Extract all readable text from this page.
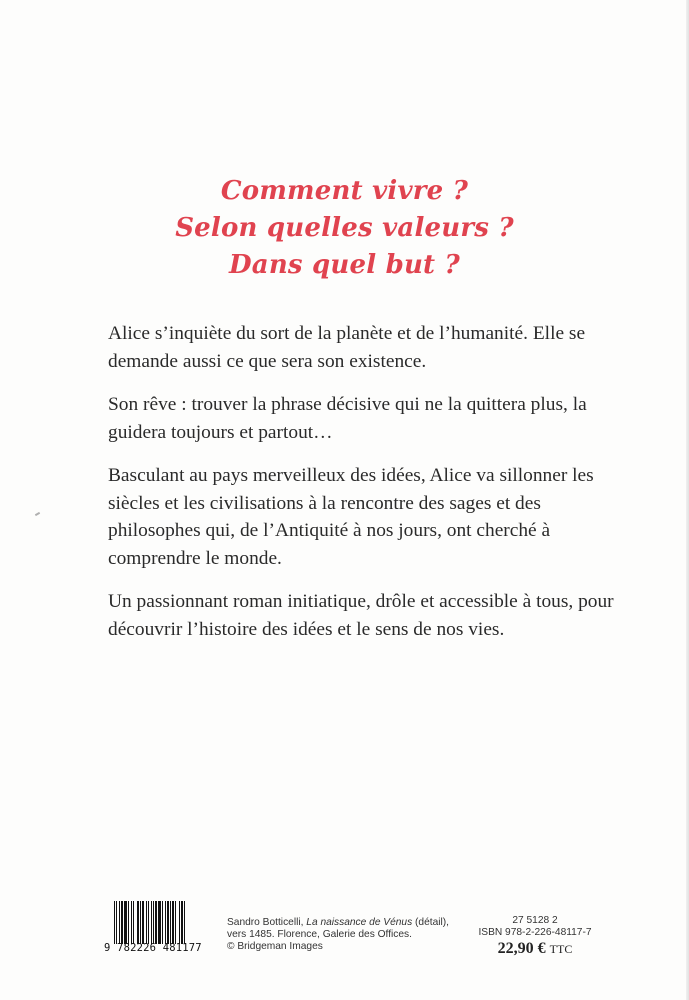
Comment vivre ?
Selon quelles valeurs ?
Dans quel but ?

Alice s’inquiète du sort de la planète et de l’humanité. Elle se demande aussi ce que sera son existence.

Son rêve : trouver la phrase décisive qui ne la quittera plus, la guidera toujours et partout…

Basculant au pays merveilleux des idées, Alice va sillonner les siècles et les civilisations à la rencontre des sages et des philosophes qui, de l’Antiquité à nos jours, ont cherché à comprendre le monde.

Un passionnant roman initiatique, drôle et accessible à tous, pour découvrir l’histoire des idées et le sens de nos vies.

9 782226 481177
Sandro Botticelli, La naissance de Vénus (détail),
vers 1485. Florence, Galerie des Offices.
© Bridgeman Images
27 5128 2
ISBN 978-2-226-48117-7
22,90 € TTC
